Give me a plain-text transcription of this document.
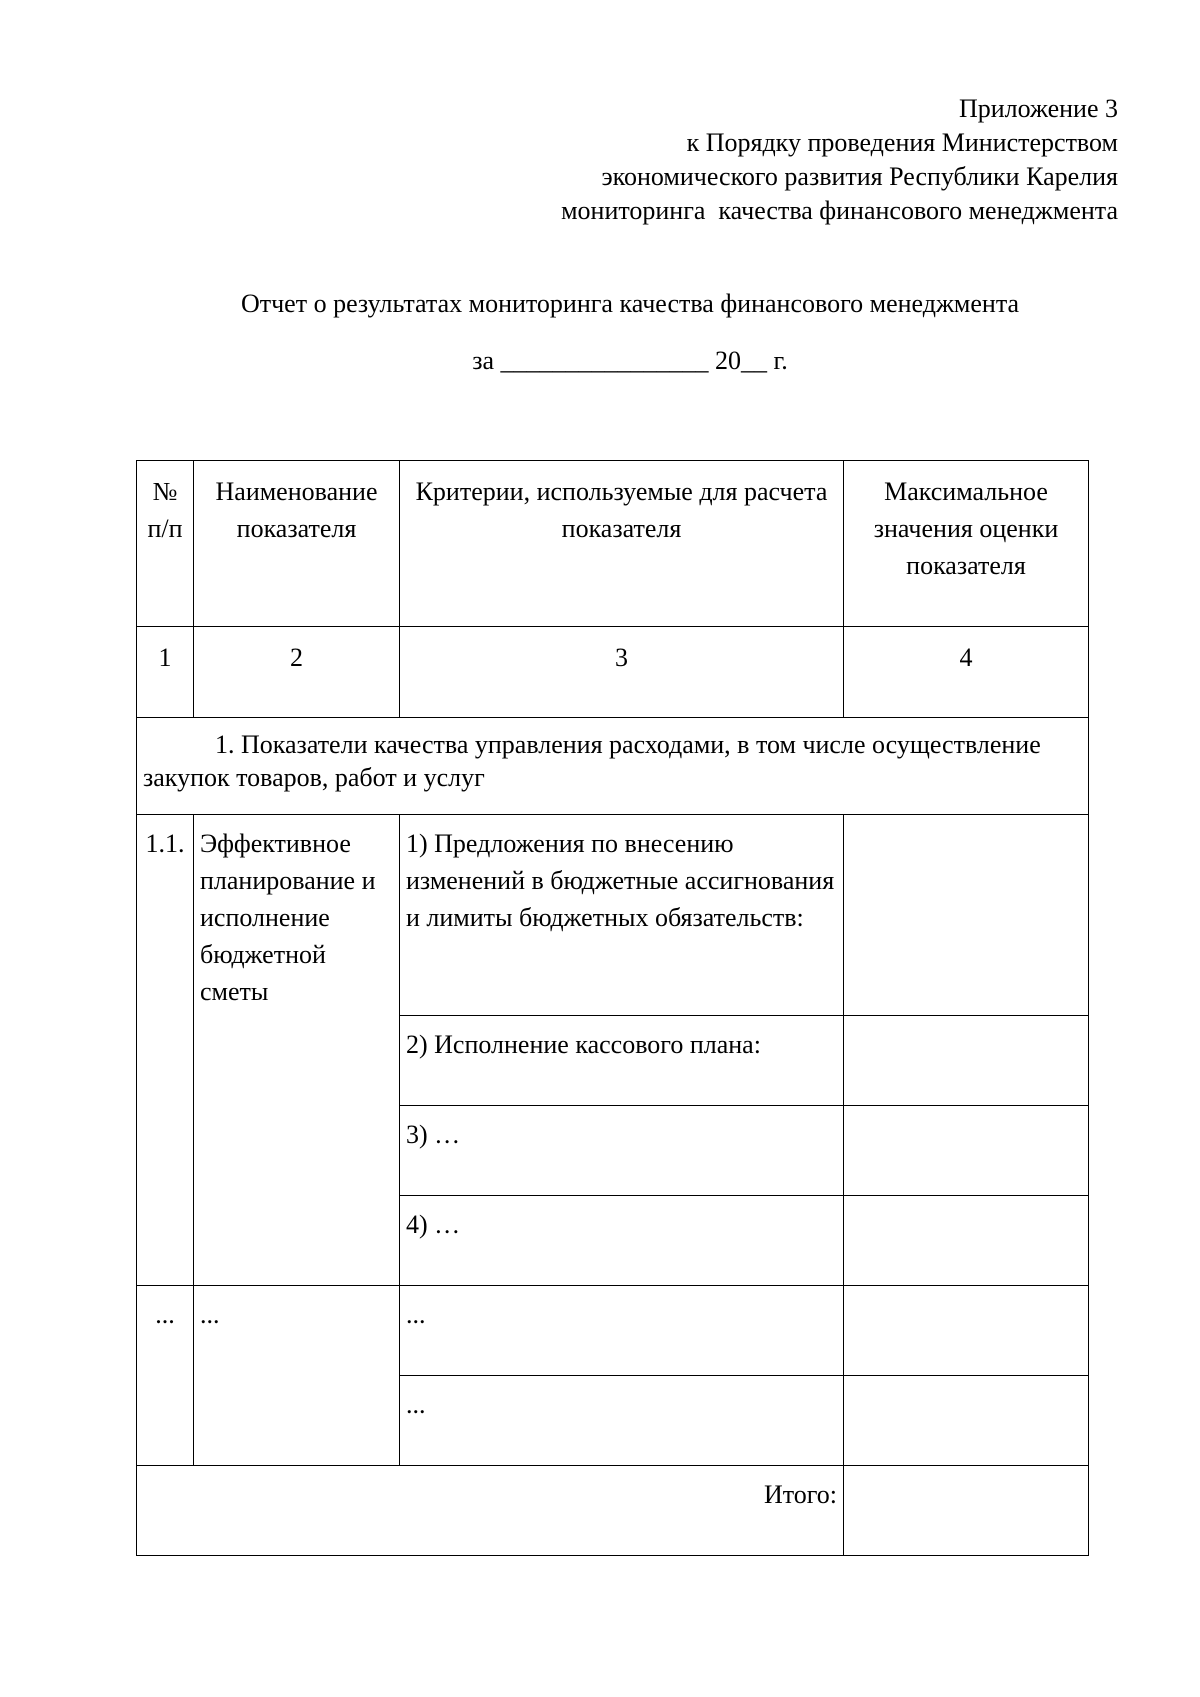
Приложение 3
к Порядку проведения Министерством
экономического развития Республики Карелия
мониторинга  качества финансового менеджмента
Отчет о результатах мониторинга качества финансового менеджмента
за ________________ 20__ г.
№ п/п	Наименование показателя	Критерии, используемые для расчета показателя	Максимальное значения оценки показателя
1	2	3	4
1. Показатели качества управления расходами, в том числе осуществление закупок товаров, работ и услуг			
1.1.	Эффективное планирование и исполнение бюджетной сметы	1) Предложения по внесению изменений в бюджетные ассигнования и лимиты бюджетных обязательств:	
		2) Исполнение кассового плана:	
		3) …	
		4) …	
...	...	...	
		...	
Итого:			
